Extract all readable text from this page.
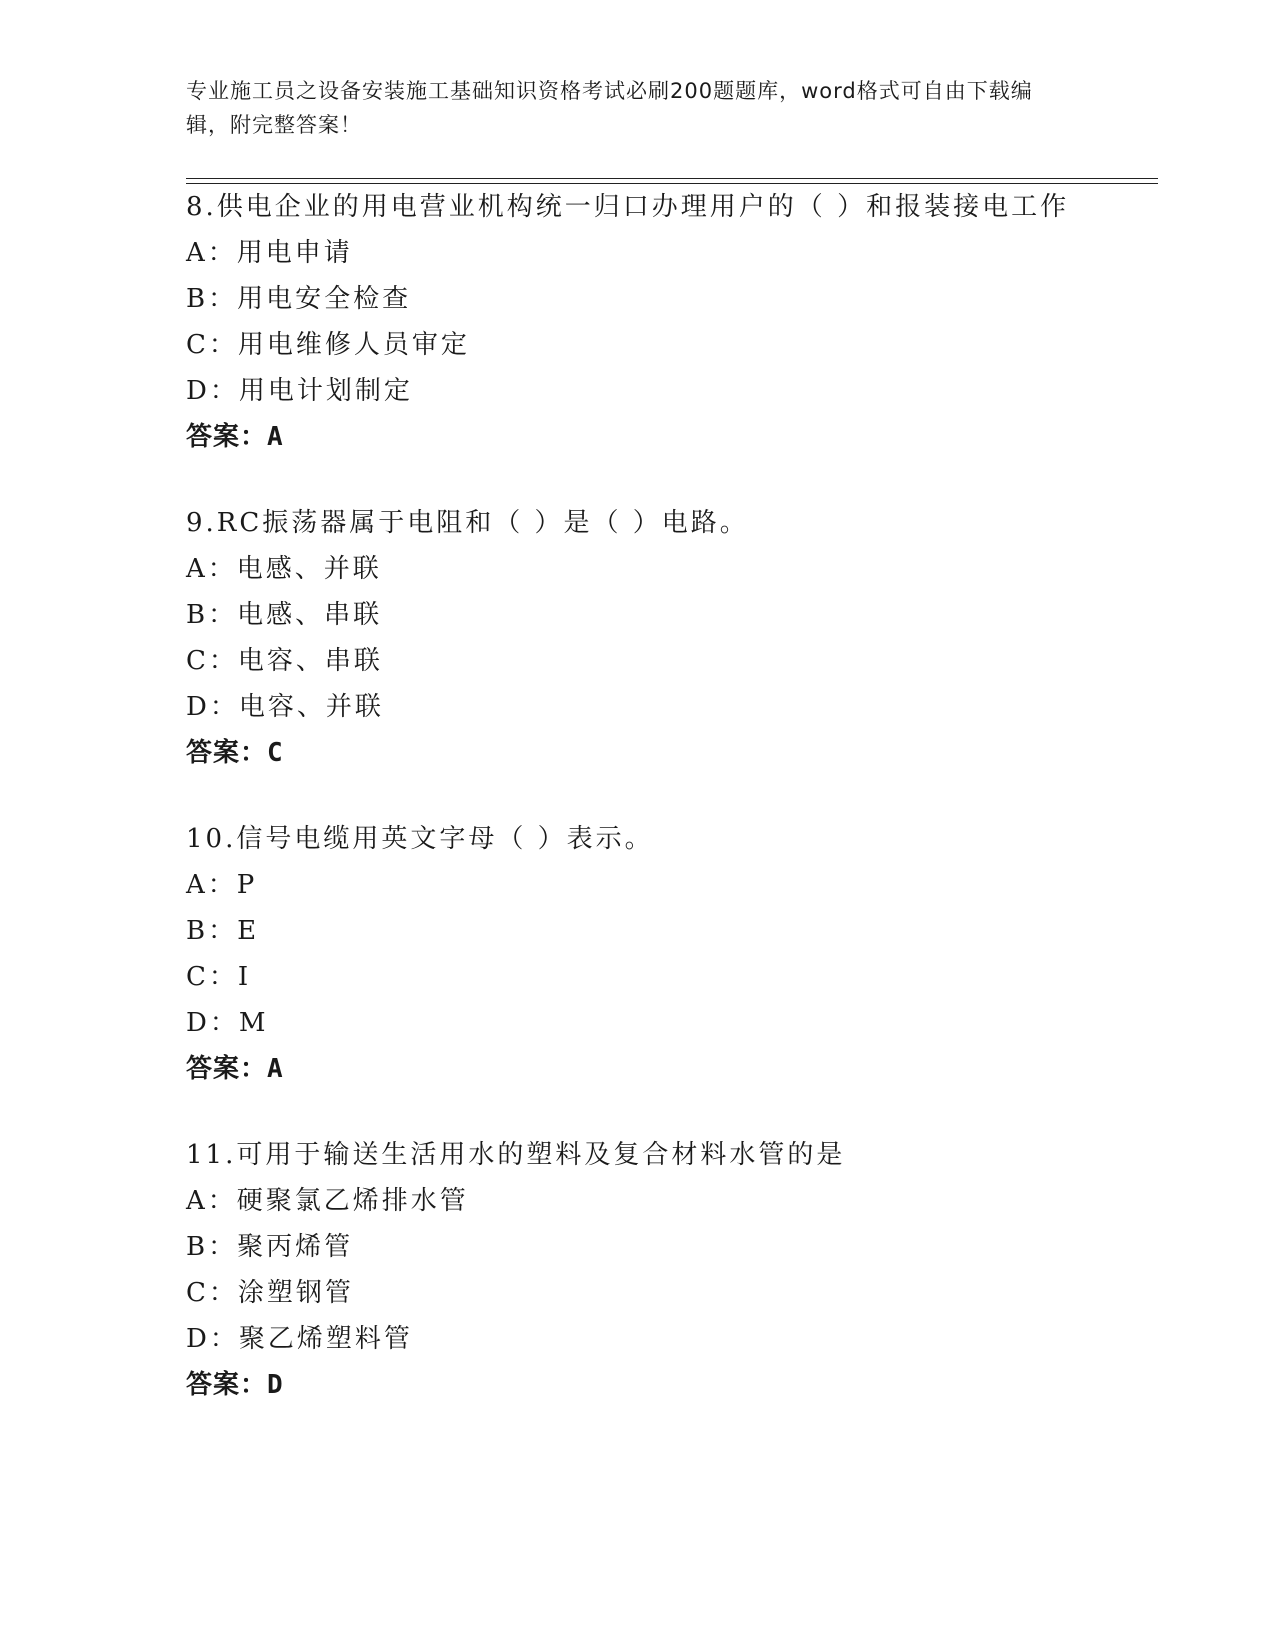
专业施工员之设备安装施工基础知识资格考试必刷200题题库，word格式可自由下载编辑，附完整答案！

8.供电企业的用电营业机构统一归口办理用户的（ ）和报装接电工作
A：用电申请
B：用电安全检查
C：用电维修人员审定
D：用电计划制定
答案：A
9.RC振荡器属于电阻和（ ）是（ ）电路。
A：电感、并联
B：电感、串联
C：电容、串联
D：电容、并联
答案：C
10.信号电缆用英文字母（ ）表示。
A：P
B：E
C：I
D：M
答案：A
11.可用于输送生活用水的塑料及复合材料水管的是
A：硬聚氯乙烯排水管
B：聚丙烯管
C：涂塑钢管
D：聚乙烯塑料管
答案：D
